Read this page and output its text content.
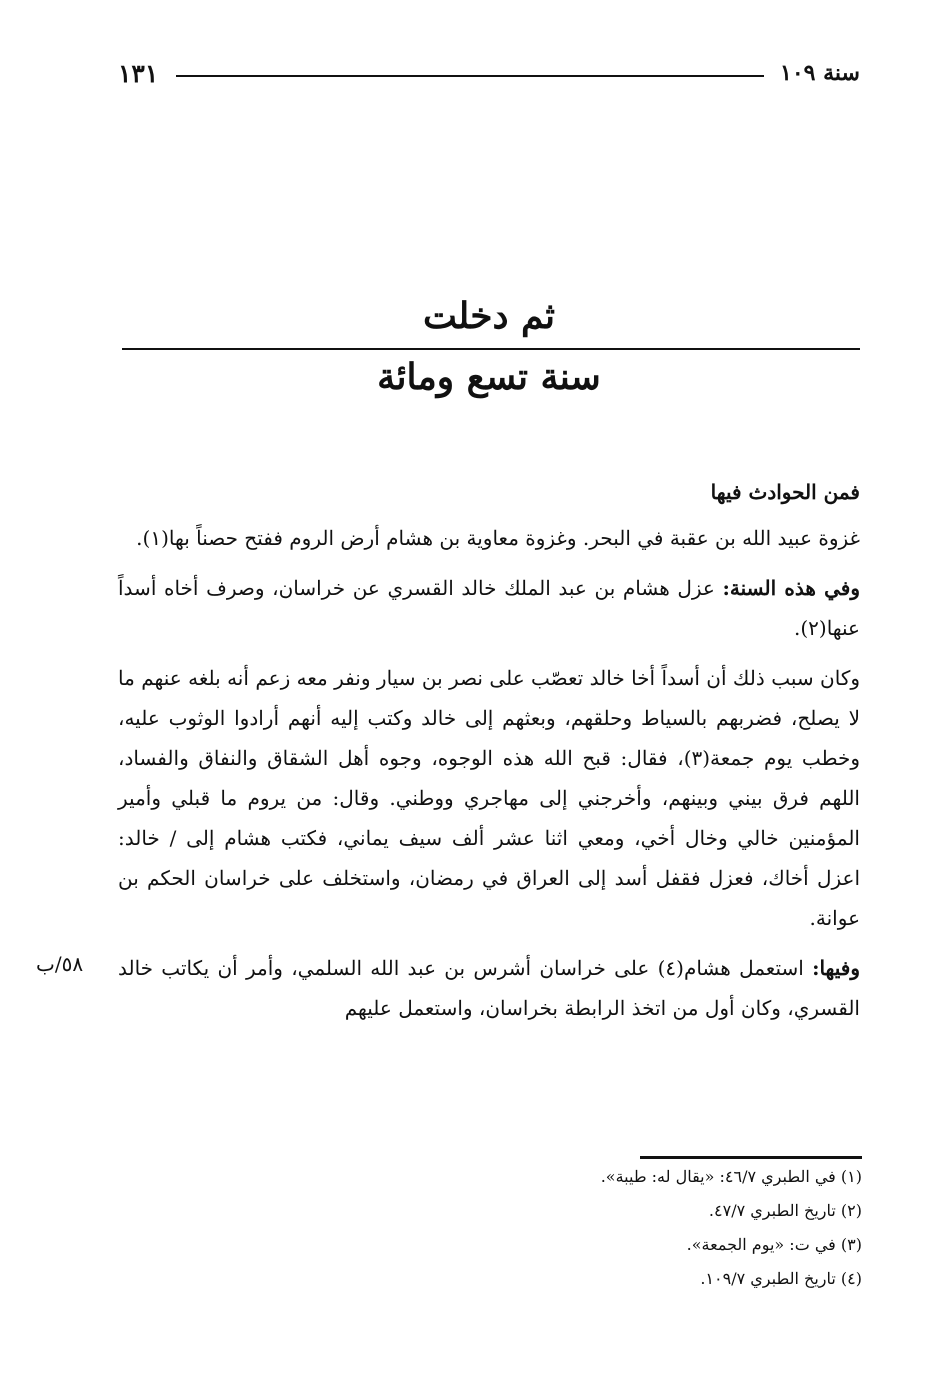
١٣١	سنة ١٠٩
ثم دخلت
سنة تسع ومائة

فمن الحوادث فيها

غزوة عبيد الله بن عقبة في البحر. وغزوة معاوية بن هشام أرض الروم ففتح حصناً بها(١).

وفي هذه السنة: عزل هشام بن عبد الملك خالد القسري عن خراسان، وصرف أخاه أسداً عنها(٢).

وكان سبب ذلك أن أسداً أخا خالد تعصّب على نصر بن سيار ونفر معه زعم أنه بلغه عنهم ما لا يصلح، فضربهم بالسياط وحلقهم، وبعثهم إلى خالد وكتب إليه أنهم أرادوا الوثوب عليه، وخطب يوم جمعة(٣)، فقال: قبح الله هذه الوجوه، وجوه أهل الشقاق والنفاق والفساد، اللهم فرق بيني وبينهم، وأخرجني إلى مهاجري ووطني. وقال: من يروم ما قبلي وأمير المؤمنين خالي وخال أخي، ومعي اثنا عشر ألف سيف يماني، فكتب هشام إلى / خالد: اعزل أخاك، فعزل فقفل أسد إلى العراق في رمضان، واستخلف على خراسان الحكم بن عوانة.

وفيها: استعمل هشام(٤) على خراسان أشرس بن عبد الله السلمي، وأمر أن يكاتب خالد القسري، وكان أول من اتخذ الرابطة بخراسان، واستعمل عليهم

٥٨/ب
(١) في الطبري ٤٦/٧: «يقال له: طيبة».
(٢) تاريخ الطبري ٤٧/٧.
(٣) في ت: «يوم الجمعة».
(٤) تاريخ الطبري ١٠٩/٧.
